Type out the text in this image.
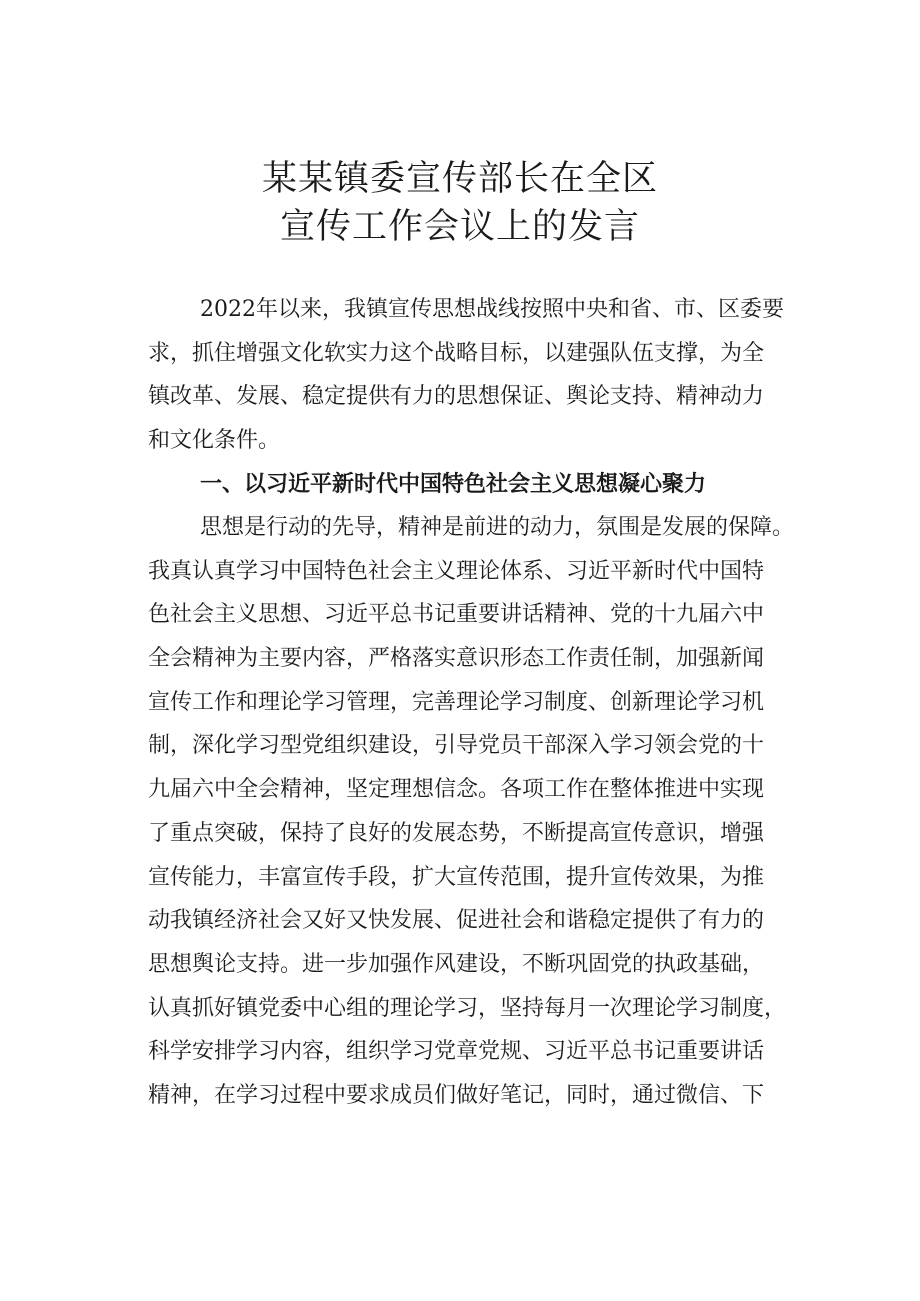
某某镇委宣传部长在全区
宣传工作会议上的发言
2022年以来，我镇宣传思想战线按照中央和省、市、区委要
求，抓住增强文化软实力这个战略目标，以建强队伍支撑，为全
镇改革、发展、稳定提供有力的思想保证、舆论支持、精神动力
和文化条件。
一、以习近平新时代中国特色社会主义思想凝心聚力
思想是行动的先导，精神是前进的动力，氛围是发展的保障。
我真认真学习中国特色社会主义理论体系、习近平新时代中国特
色社会主义思想、习近平总书记重要讲话精神、党的十九届六中
全会精神为主要内容，严格落实意识形态工作责任制，加强新闻
宣传工作和理论学习管理，完善理论学习制度、创新理论学习机
制，深化学习型党组织建设，引导党员干部深入学习领会党的十
九届六中全会精神，坚定理想信念。各项工作在整体推进中实现
了重点突破，保持了良好的发展态势，不断提高宣传意识，增强
宣传能力，丰富宣传手段，扩大宣传范围，提升宣传效果，为推
动我镇经济社会又好又快发展、促进社会和谐稳定提供了有力的
思想舆论支持。进一步加强作风建设，不断巩固党的执政基础，
认真抓好镇党委中心组的理论学习，坚持每月一次理论学习制度，
科学安排学习内容，组织学习党章党规、习近平总书记重要讲话
精神，在学习过程中要求成员们做好笔记，同时，通过微信、下
